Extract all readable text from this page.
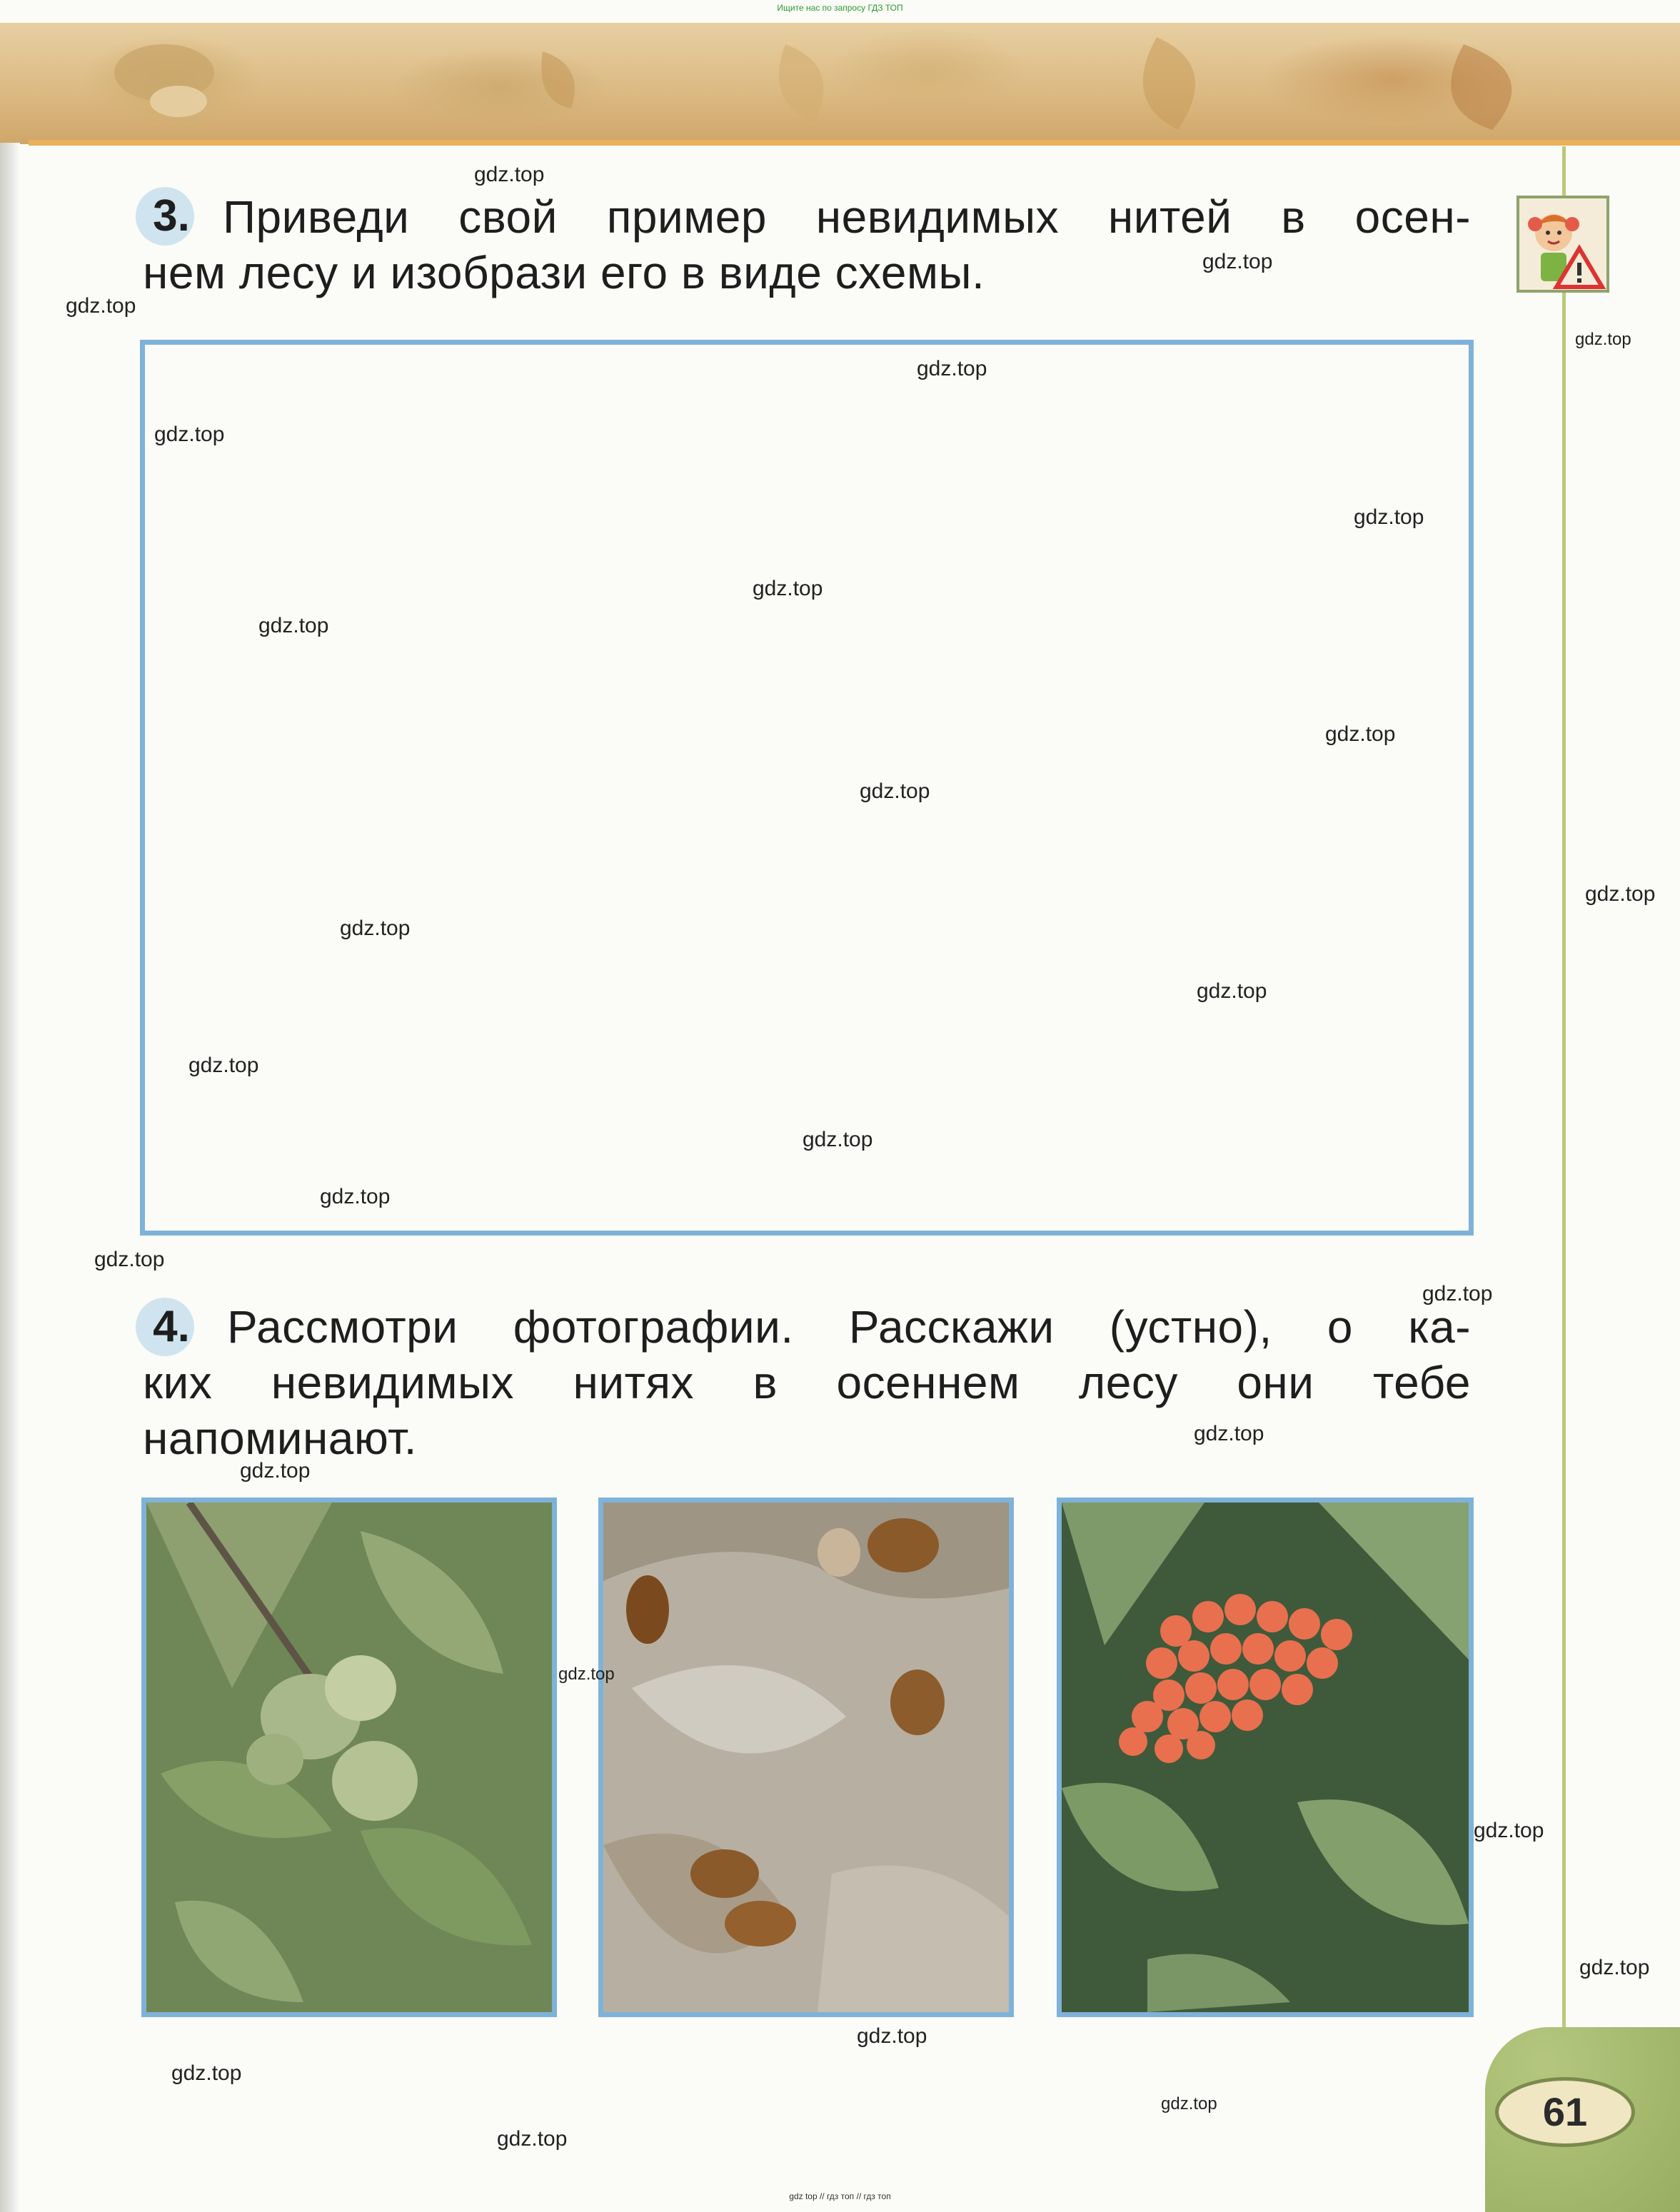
Ищите нас по запросу ГДЗ ТОП
3. Приведи свой пример невидимых нитей в осен-
нем лесу и изобрази его в виде схемы.
4. Рассмотри фотографии. Расскажи (устно), о ка-
ких невидимых нитях в осеннем лесу они тебе
напоминают.
gdz.top
gdz.top
gdz.top
gdz.top
gdz.top
gdz.top
gdz.top
gdz.top
gdz.top
gdz.top
gdz.top
gdz.top
gdz.top
gdz.top
gdz.top
gdz.top
gdz.top
gdz.top
gdz.top
gdz.top
gdz.top
gdz.top
gdz.top
gdz.top
gdz.top
gdz.top
gdz.top
gdz.top
61
gdz top // гдз топ // гдз топ
